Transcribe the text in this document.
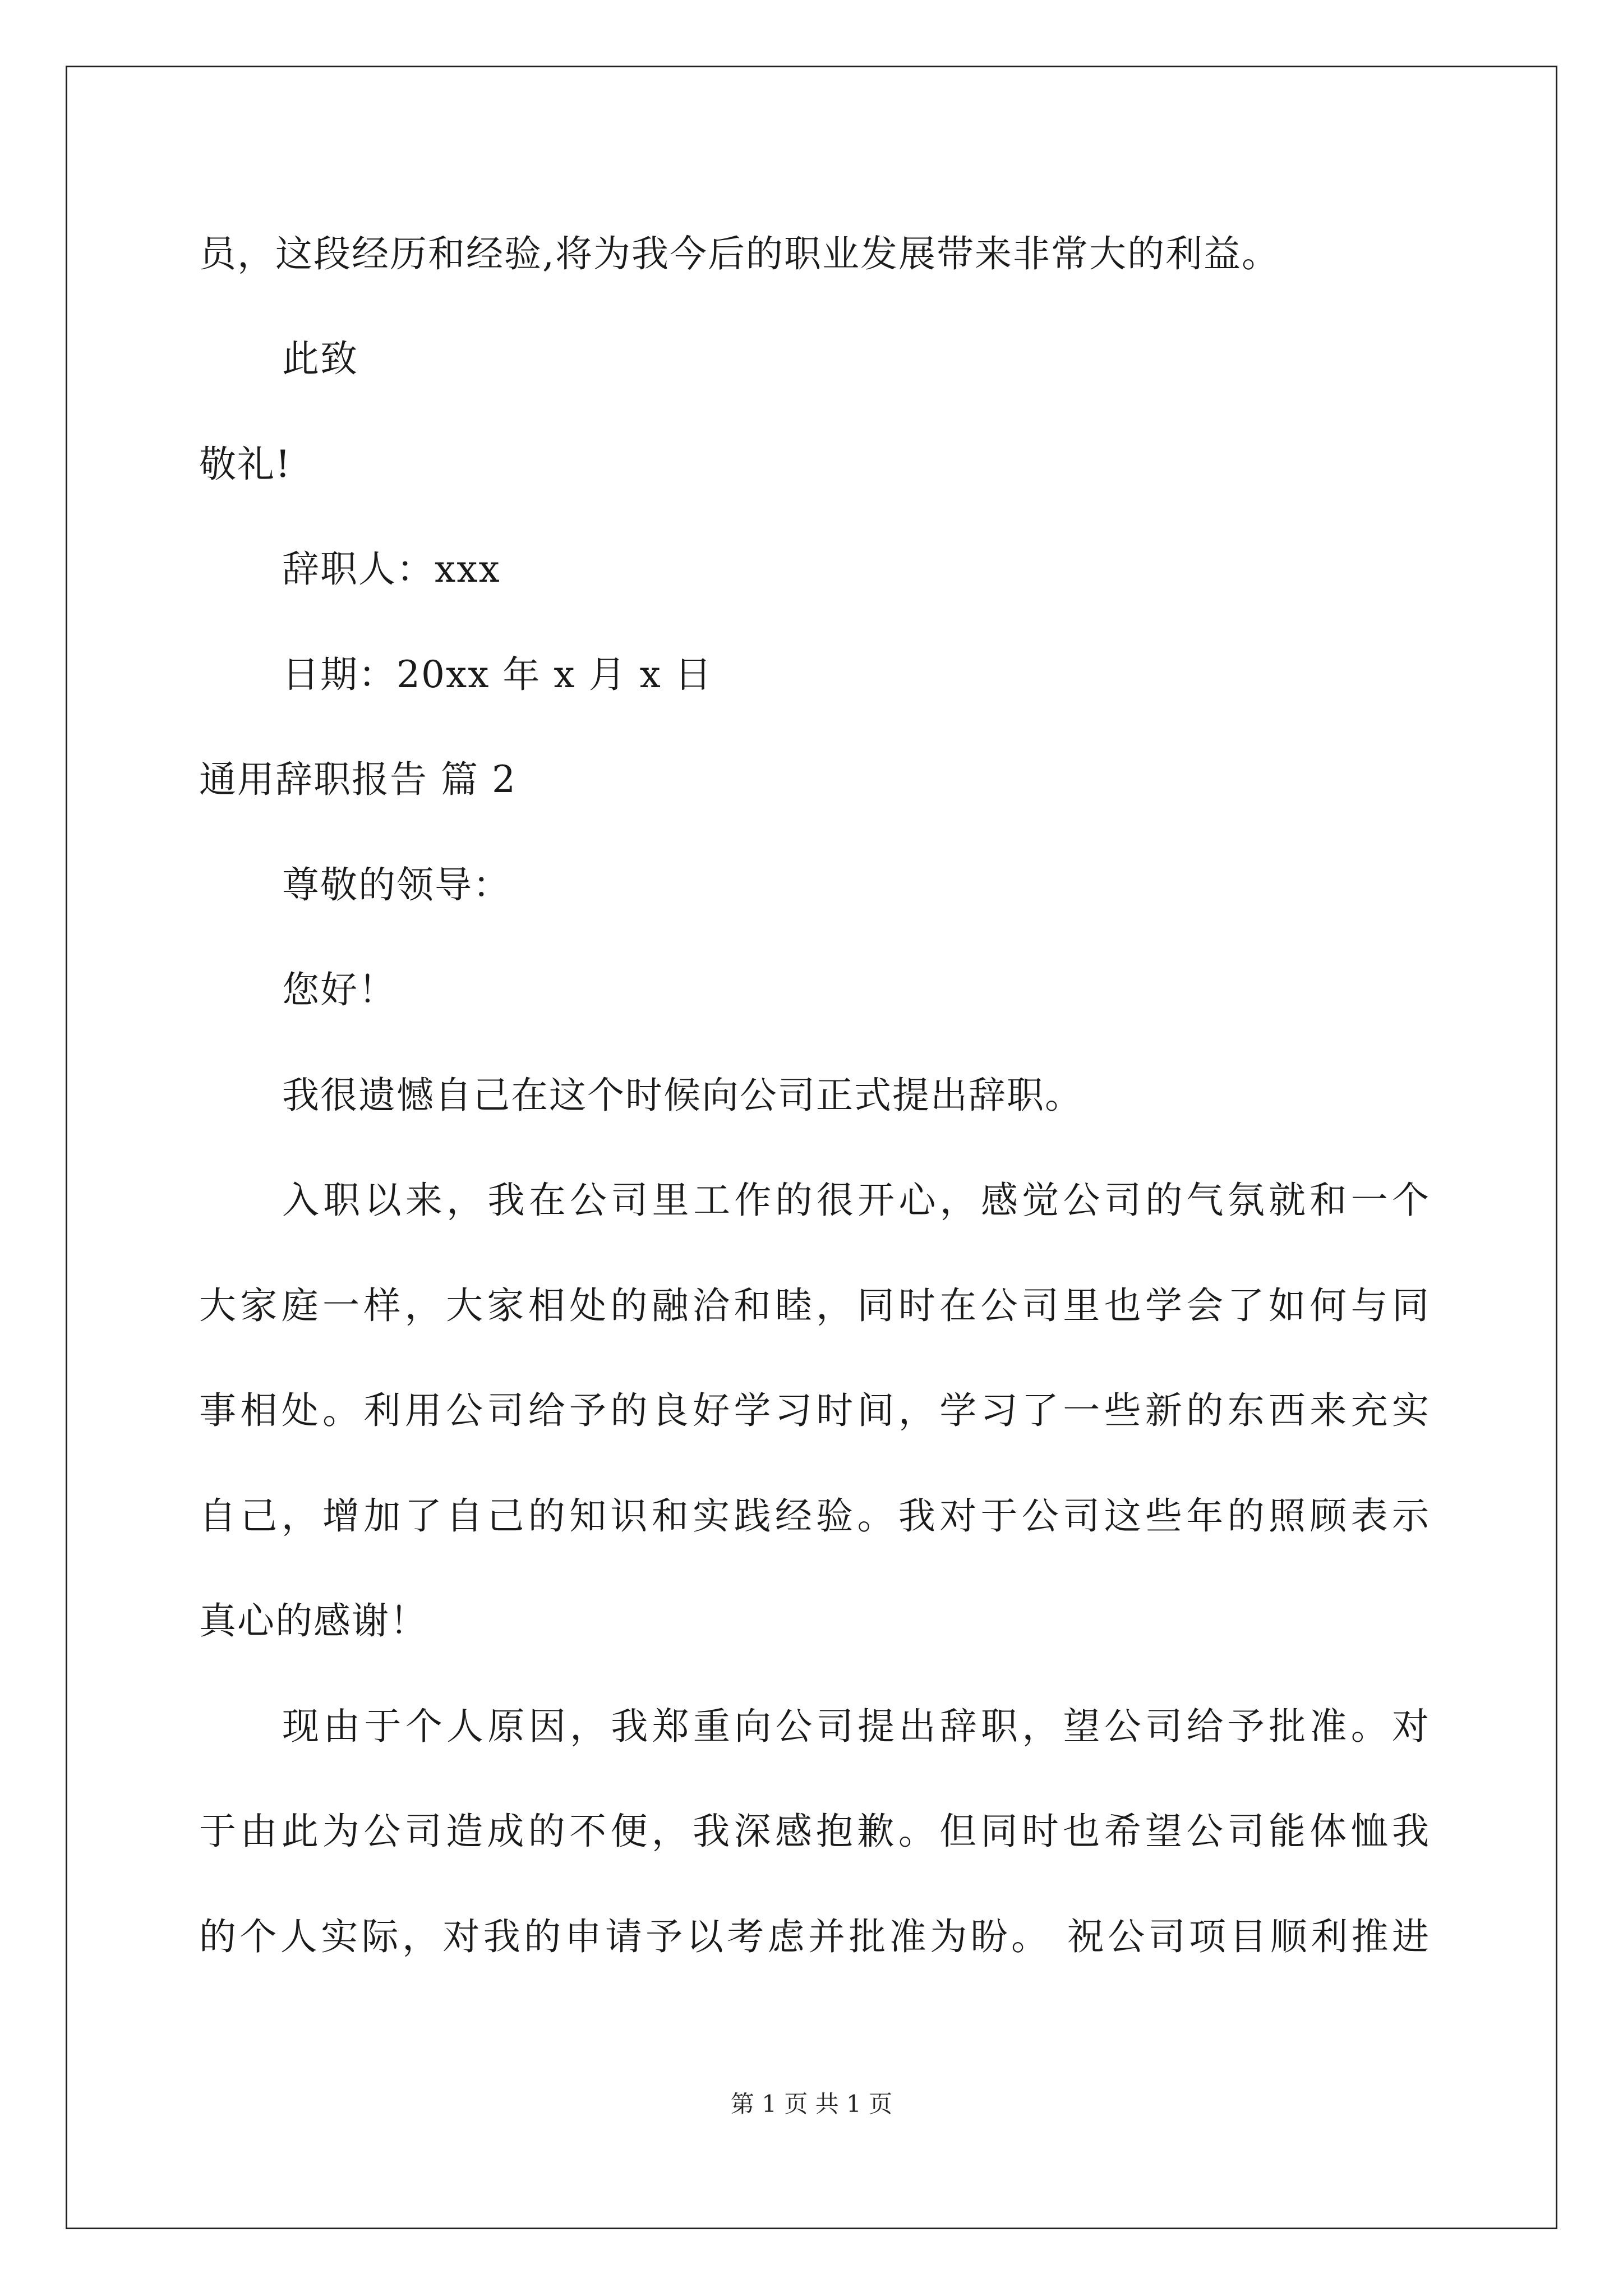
员，这段经历和经验,将为我今后的职业发展带来非常大的利益。
此致
敬礼!
辞职人：xxx
日期：20xx 年 x 月 x 日
通用辞职报告 篇 2
尊敬的领导：
您好！
我很遗憾自己在这个时候向公司正式提出辞职。
入职以来，我在公司里工作的很开心，感觉公司的气氛就和一个
大家庭一样，大家相处的融洽和睦，同时在公司里也学会了如何与同
事相处。利用公司给予的良好学习时间，学习了一些新的东西来充实
自己，增加了自己的知识和实践经验。我对于公司这些年的照顾表示
真心的感谢！
现由于个人原因，我郑重向公司提出辞职，望公司给予批准。对
于由此为公司造成的不便，我深感抱歉。但同时也希望公司能体恤我
的个人实际，对我的申请予以考虑并批准为盼。 祝公司项目顺利推进
第 1 页 共 1 页
